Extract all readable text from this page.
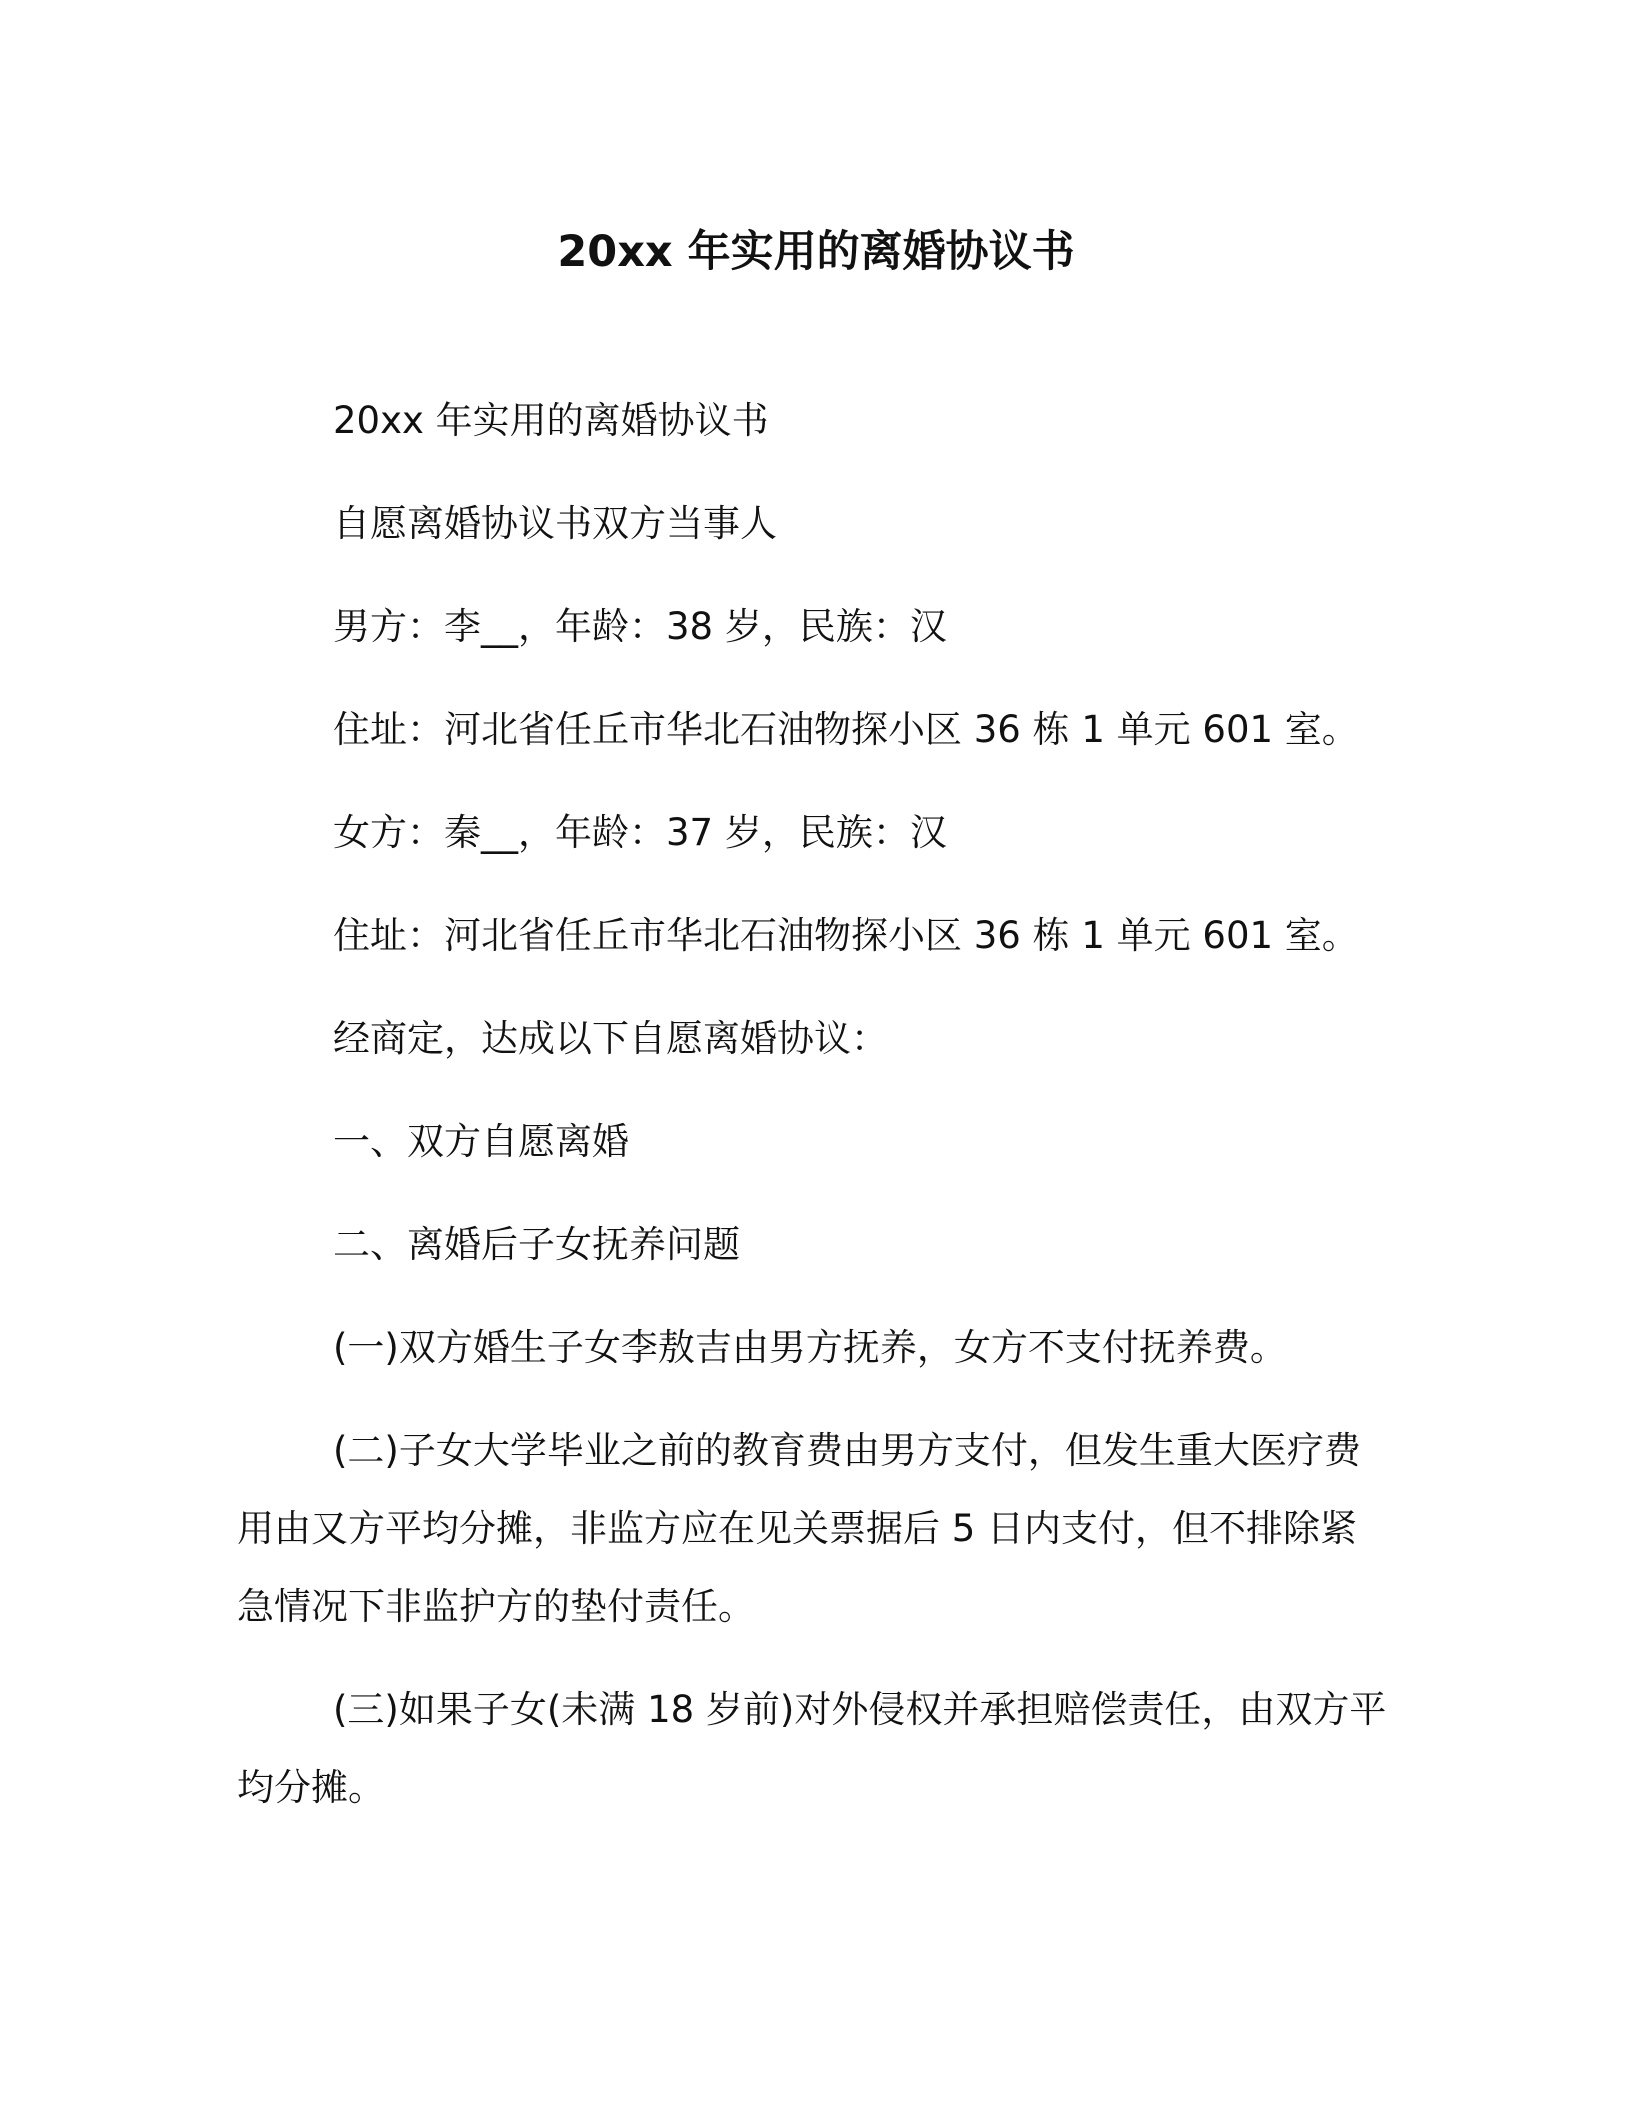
20xx 年实用的离婚协议书
20xx 年实用的离婚协议书
自愿离婚协议书双方当事人
男方：李__，年龄：38 岁，民族：汉
住址：河北省任丘市华北石油物探小区 36 栋 1 单元 601 室。
女方：秦__，年龄：37 岁，民族：汉
住址：河北省任丘市华北石油物探小区 36 栋 1 单元 601 室。
经商定，达成以下自愿离婚协议：
一、双方自愿离婚
二、离婚后子女抚养问题
(一)双方婚生子女李敖吉由男方抚养，女方不支付抚养费。
(二)子女大学毕业之前的教育费由男方支付，但发生重大医疗费
用由又方平均分摊，非监方应在见关票据后 5 日内支付，但不排除紧
急情况下非监护方的垫付责任。
(三)如果子女(未满 18 岁前)对外侵权并承担赔偿责任，由双方平
均分摊。
